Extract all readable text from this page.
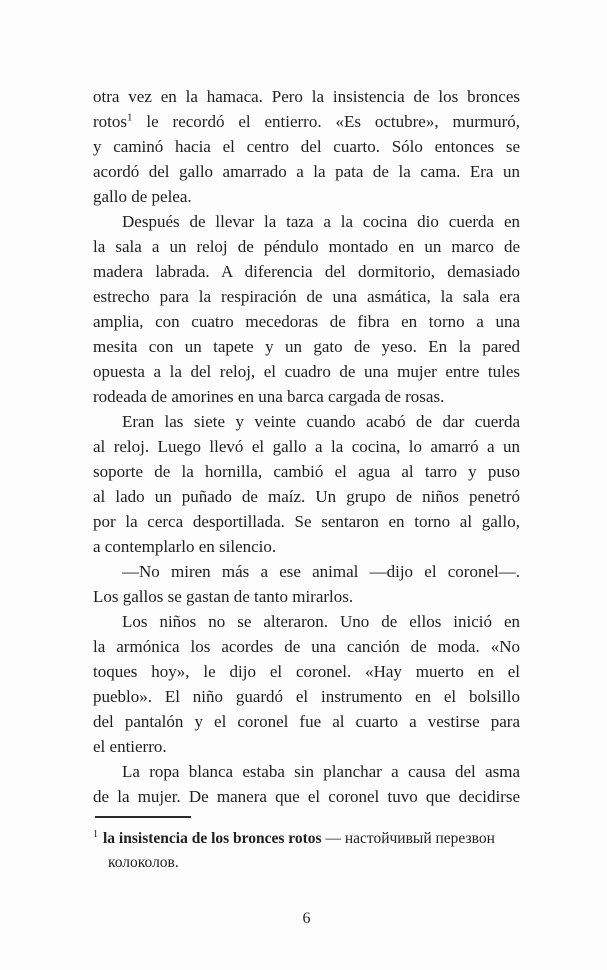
otra vez en la hamaca. Pero la insistencia de los bronces
rotos$^1$ le recordó el entierro. «Es octubre», murmuró,
y caminó hacia el centro del cuarto. Sólo entonces se
acordó del gallo amarrado a la pata de la cama. Era un
gallo de pelea.
Después de llevar la taza a la cocina dio cuerda en
la sala a un reloj de péndulo montado en un marco de
madera labrada. A diferencia del dormitorio, demasiado
estrecho para la respiración de una asmática, la sala era
amplia, con cuatro mecedoras de fibra en torno a una
mesita con un tapete y un gato de yeso. En la pared
opuesta a la del reloj, el cuadro de una mujer entre tules
rodeada de amorines en una barca cargada de rosas.
Eran las siete y veinte cuando acabó de dar cuerda
al reloj. Luego llevó el gallo a la cocina, lo amarró a un
soporte de la hornilla, cambió el agua al tarro y puso
al lado un puñado de maíz. Un grupo de niños penetró
por la cerca desportillada. Se sentaron en torno al gallo,
a contemplarlo en silencio.
—No miren más a ese animal —dijo el coronel—.
Los gallos se gastan de tanto mirarlos.
Los niños no se alteraron. Uno de ellos inició en
la armónica los acordes de una canción de moda. «No
toques hoy», le dijo el coronel. «Hay muerto en el
pueblo». El niño guardó el instrumento en el bolsillo
del pantalón y el coronel fue al cuarto a vestirse para
el entierro.
La ropa blanca estaba sin planchar a causa del asma
de la mujer. De manera que el coronel tuvo que decidirse
$^1$ la insistencia de los bronces rotos — настойчивый перезвон
колоколов.
6
